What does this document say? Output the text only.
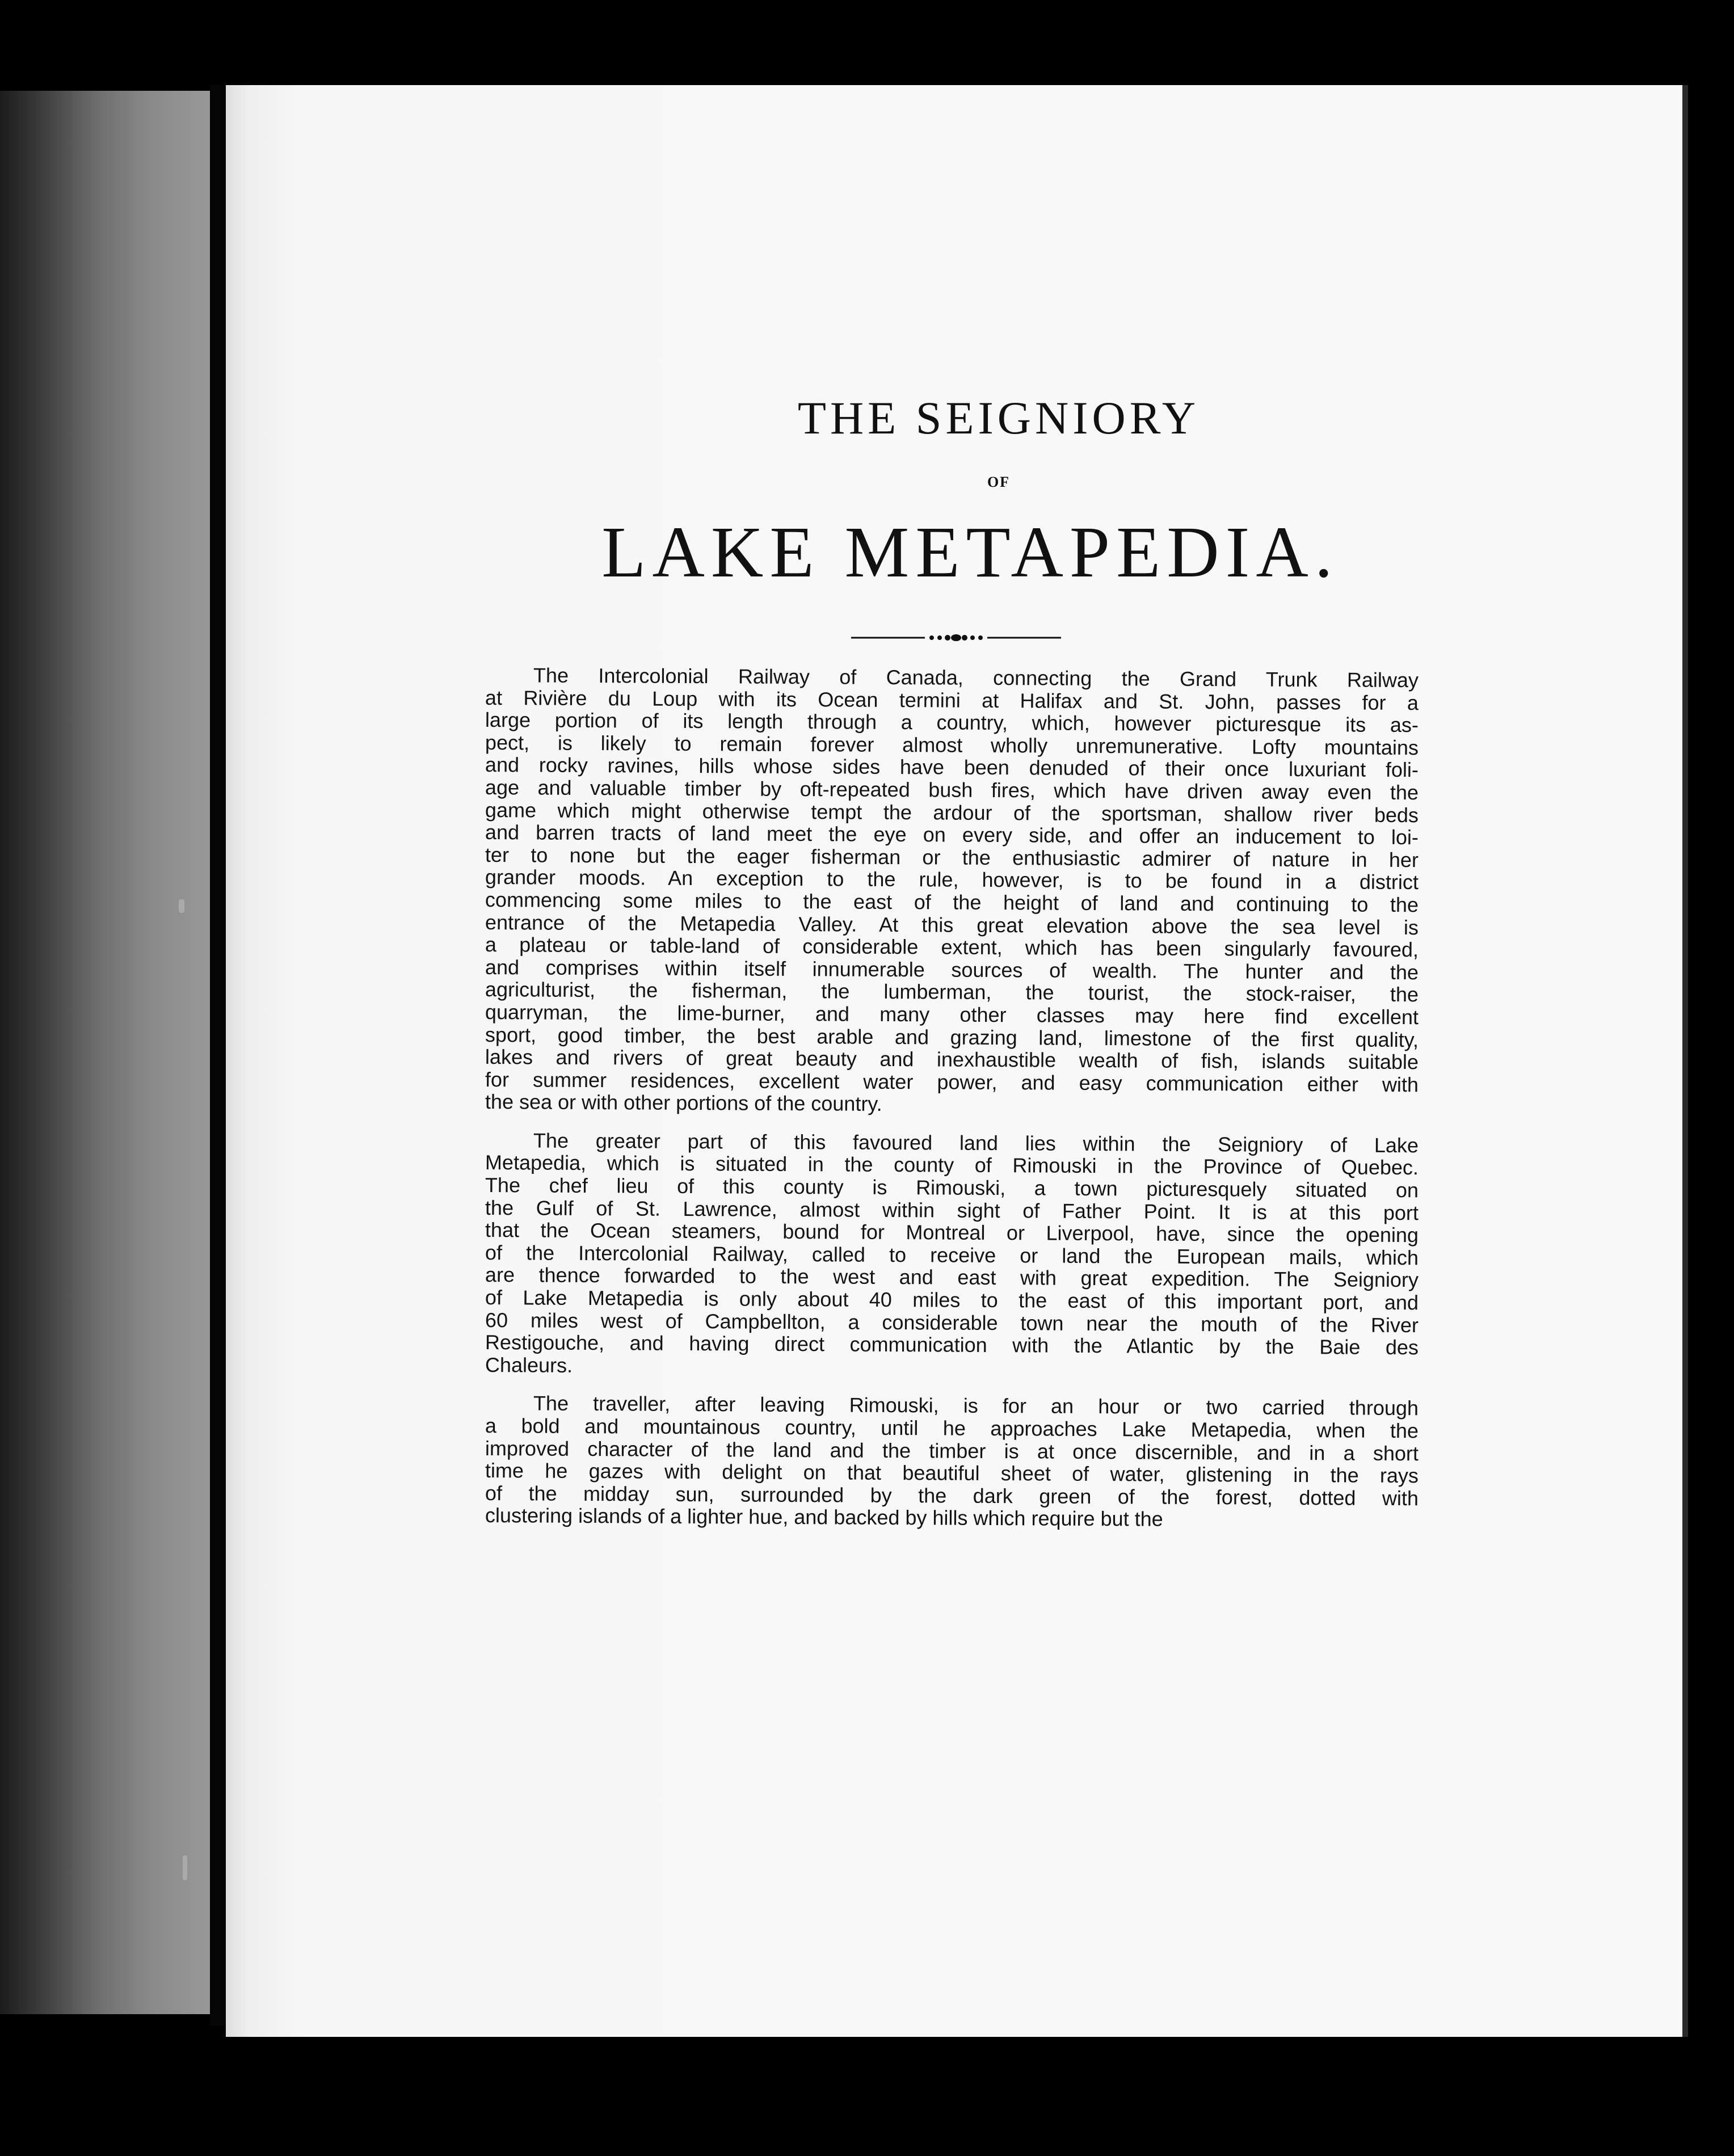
THE SEIGNIORY
OF
LAKE METAPEDIA.
The Intercolonial Railway of Canada, connecting the Grand Trunk Railway
at Rivière du Loup with its Ocean termini at Halifax and St. John, passes for a
large portion of its length through a country, which, however picturesque its as-
pect, is likely to remain forever almost wholly unremunerative. Lofty mountains
and rocky ravines, hills whose sides have been denuded of their once luxuriant foli-
age and valuable timber by oft-repeated bush fires, which have driven away even the
game which might otherwise tempt the ardour of the sportsman, shallow river beds
and barren tracts of land meet the eye on every side, and offer an inducement to loi-
ter to none but the eager fisherman or the enthusiastic admirer of nature in her
grander moods. An exception to the rule, however, is to be found in a district
commencing some miles to the east of the height of land and continuing to the
entrance of the Metapedia Valley. At this great elevation above the sea level is
a plateau or table-land of considerable extent, which has been singularly favoured,
and comprises within itself innumerable sources of wealth. The hunter and the
agriculturist, the fisherman, the lumberman, the tourist, the stock-raiser, the
quarryman, the lime-burner, and many other classes may here find excellent
sport, good timber, the best arable and grazing land, limestone of the first quality,
lakes and rivers of great beauty and inexhaustible wealth of fish, islands suitable
for summer residences, excellent water power, and easy communication either with
the sea or with other portions of the country.
The greater part of this favoured land lies within the Seigniory of Lake
Metapedia, which is situated in the county of Rimouski in the Province of Quebec.
The chef lieu of this county is Rimouski, a town picturesquely situated on
the Gulf of St. Lawrence, almost within sight of Father Point. It is at this port
that the Ocean steamers, bound for Montreal or Liverpool, have, since the opening
of the Intercolonial Railway, called to receive or land the European mails, which
are thence forwarded to the west and east with great expedition. The Seigniory
of Lake Metapedia is only about 40 miles to the east of this important port, and
60 miles west of Campbellton, a considerable town near the mouth of the River
Restigouche, and having direct communication with the Atlantic by the Baie des
Chaleurs.
The traveller, after leaving Rimouski, is for an hour or two carried through
a bold and mountainous country, until he approaches Lake Metapedia, when the
improved character of the land and the timber is at once discernible, and in a short
time he gazes with delight on that beautiful sheet of water, glistening in the rays
of the midday sun, surrounded by the dark green of the forest, dotted with
clustering islands of a lighter hue, and backed by hills which require but the
